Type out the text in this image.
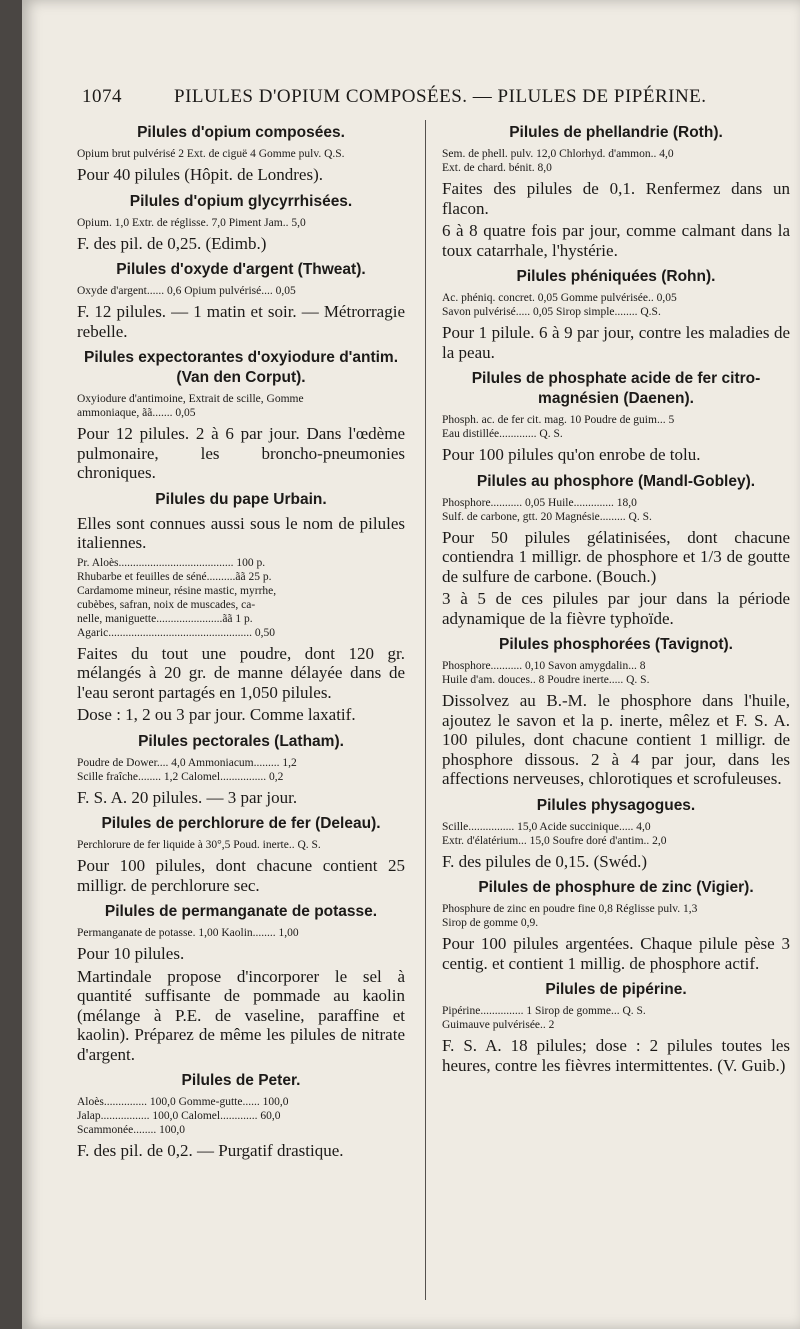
1074	PILULES D'OPIUM COMPOSÉES. — PILULES DE PIPÉRINE.
Pilules d'opium composées.
Opium brut pulvérisé 2 Ext. de ciguë 4 Gomme pulv. Q.S.

Pour 40 pilules (Hôpit. de Londres).

Pilules d'opium glycyrrhisées.
Opium. 1,0 Extr. de réglisse. 7,0 Piment Jam.. 5,0

F. des pil. de 0,25. (Edimb.)

Pilules d'oxyde d'argent (Thweat).
Oxyde d'argent...... 0,6 Opium pulvérisé.... 0,05

F. 12 pilules. — 1 matin et soir. — Métrorragie rebelle.

Pilules expectorantes d'oxyiodure d'antim.
(Van den Corput).
Oxyiodure d'antimoine, Extrait de scille, Gomme
ammoniaque, ãã....... 0,05

Pour 12 pilules. 2 à 6 par jour. Dans l'œdème pulmonaire, les broncho-pneumonies chroniques.

Pilules du pape Urbain.

Elles sont connues aussi sous le nom de pilules italiennes.

Pr. Aloès........................................ 100 p.
Rhubarbe et feuilles de séné..........ãã 25 p.
Cardamome mineur, résine mastic, myrrhe,
cubèbes, safran, noix de muscades, ca-
nelle, maniguette.......................ãã 1 p.
Agaric.................................................. 0,50

Faites du tout une poudre, dont 120 gr. mélangés à 20 gr. de manne délayée dans de l'eau seront partagés en 1,050 pilules.

Dose : 1, 2 ou 3 par jour. Comme laxatif.

Pilules pectorales (Latham).
Poudre de Dower.... 4,0 Ammoniacum......... 1,2
Scille fraîche........ 1,2 Calomel................ 0,2

F. S. A. 20 pilules. — 3 par jour.

Pilules de perchlorure de fer (Deleau).
Perchlorure de fer liquide à 30°,5 Poud. inerte.. Q. S.

Pour 100 pilules, dont chacune contient 25 milligr. de perchlorure sec.

Pilules de permanganate de potasse.
Permanganate de potasse. 1,00 Kaolin........ 1,00

Pour 10 pilules.

Martindale propose d'incorporer le sel à quantité suffisante de pommade au kaolin (mélange à P.E. de vaseline, paraffine et kaolin). Préparez de même les pilules de nitrate d'argent.

Pilules de Peter.
Aloès............... 100,0 Gomme-gutte...... 100,0
Jalap................. 100,0 Calomel............. 60,0
Scammonée........ 100,0

F. des pil. de 0,2. — Purgatif drastique.

Pilules de phellandrie (Roth).
Sem. de phell. pulv. 12,0 Chlorhyd. d'ammon.. 4,0
Ext. de chard. bénit. 8,0

Faites des pilules de 0,1. Renfermez dans un flacon.

6 à 8 quatre fois par jour, comme calmant dans la toux catarrhale, l'hystérie.

Pilules phéniquées (Rohn).
Ac. phéniq. concret. 0,05 Gomme pulvérisée.. 0,05
Savon pulvérisé..... 0,05 Sirop simple........ Q.S.

Pour 1 pilule. 6 à 9 par jour, contre les maladies de la peau.

Pilules de phosphate acide de fer citro-
magnésien (Daenen).
Phosph. ac. de fer cit. mag. 10 Poudre de guim... 5
Eau distillée............. Q. S.

Pour 100 pilules qu'on enrobe de tolu.

Pilules au phosphore (Mandl-Gobley).
Phosphore........... 0,05 Huile.............. 18,0
Sulf. de carbone, gtt. 20 Magnésie......... Q. S.

Pour 50 pilules gélatinisées, dont chacune contiendra 1 milligr. de phosphore et 1/3 de goutte de sulfure de carbone. (Bouch.)

3 à 5 de ces pilules par jour dans la période adynamique de la fièvre typhoïde.

Pilules phosphorées (Tavignot).
Phosphore........... 0,10 Savon amygdalin... 8
Huile d'am. douces.. 8 Poudre inerte..... Q. S.

Dissolvez au B.-M. le phosphore dans l'huile, ajoutez le savon et la p. inerte, mêlez et F. S. A. 100 pilules, dont chacune contient 1 milligr. de phosphore dissous. 2 à 4 par jour, dans les affections nerveuses, chlorotiques et scrofuleuses.

Pilules physagogues.
Scille................ 15,0 Acide succinique..... 4,0
Extr. d'élatérium... 15,0 Soufre doré d'antim.. 2,0

F. des pilules de 0,15. (Swéd.)

Pilules de phosphure de zinc (Vigier).
Phosphure de zinc en poudre fine 0,8 Réglisse pulv. 1,3
Sirop de gomme 0,9.

Pour 100 pilules argentées. Chaque pilule pèse 3 centig. et contient 1 millig. de phosphore actif.

Pilules de pipérine.
Pipérine............... 1 Sirop de gomme... Q. S.
Guimauve pulvérisée.. 2

F. S. A. 18 pilules; dose : 2 pilules toutes les heures, contre les fièvres intermittentes. (V. Guib.)
